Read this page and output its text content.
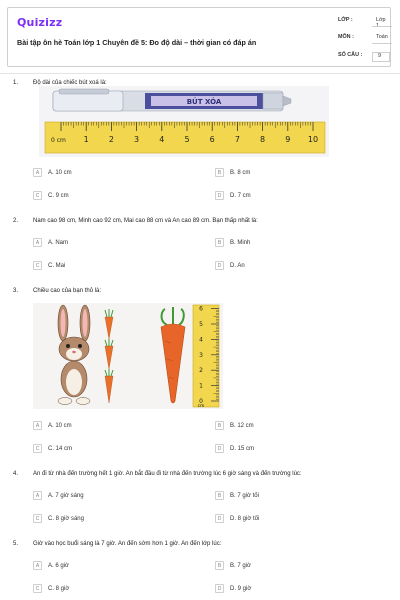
Quizizz
Bài tập ôn hè Toán lớp 1 Chuyên đề 5: Đo độ dài – thời gian có đáp án
LỚP :	Lớp
MÔN :	Toán
SỐ CÂU :	9
1. Độ dài của chiếc bút xoá là:
BÚT XÓA
0 cm 1	2	3	4	5	6	7	8	9 10
A	A. 10 cm	B	B. 8 cm
C	C. 9 cm	D	D. 7 cm
2. Nam cao 98 cm, Minh cao 92 cm, Mai cao 88 cm và An cao 89 cm. Bạn thấp nhất là:
A	A. Nam	B	B. Minh
C	C. Mai	D	D. An
3. Chiều cao của bạn thỏ là:
0
1
2
3
4
5
6
cm
A	A. 10 cm	B	B. 12 cm
C	C. 14 cm	D	D. 15 cm
4. An đi từ nhà đến trường hết 1 giờ. An bắt đầu đi từ nhà đến trường lúc 6 giờ sáng và đến trường lúc:
A	A. 7 giờ sáng	B	B. 7 giờ tối
C	C. 8 giờ sáng	D	D. 8 giờ tối
5. Giờ vào học buổi sáng là 7 giờ. An đến sớm hơn 1 giờ. An đến lớp lúc:
A	A. 6 giờ	B	B. 7 giờ
C	C. 8 giờ	D	D. 9 giờ
